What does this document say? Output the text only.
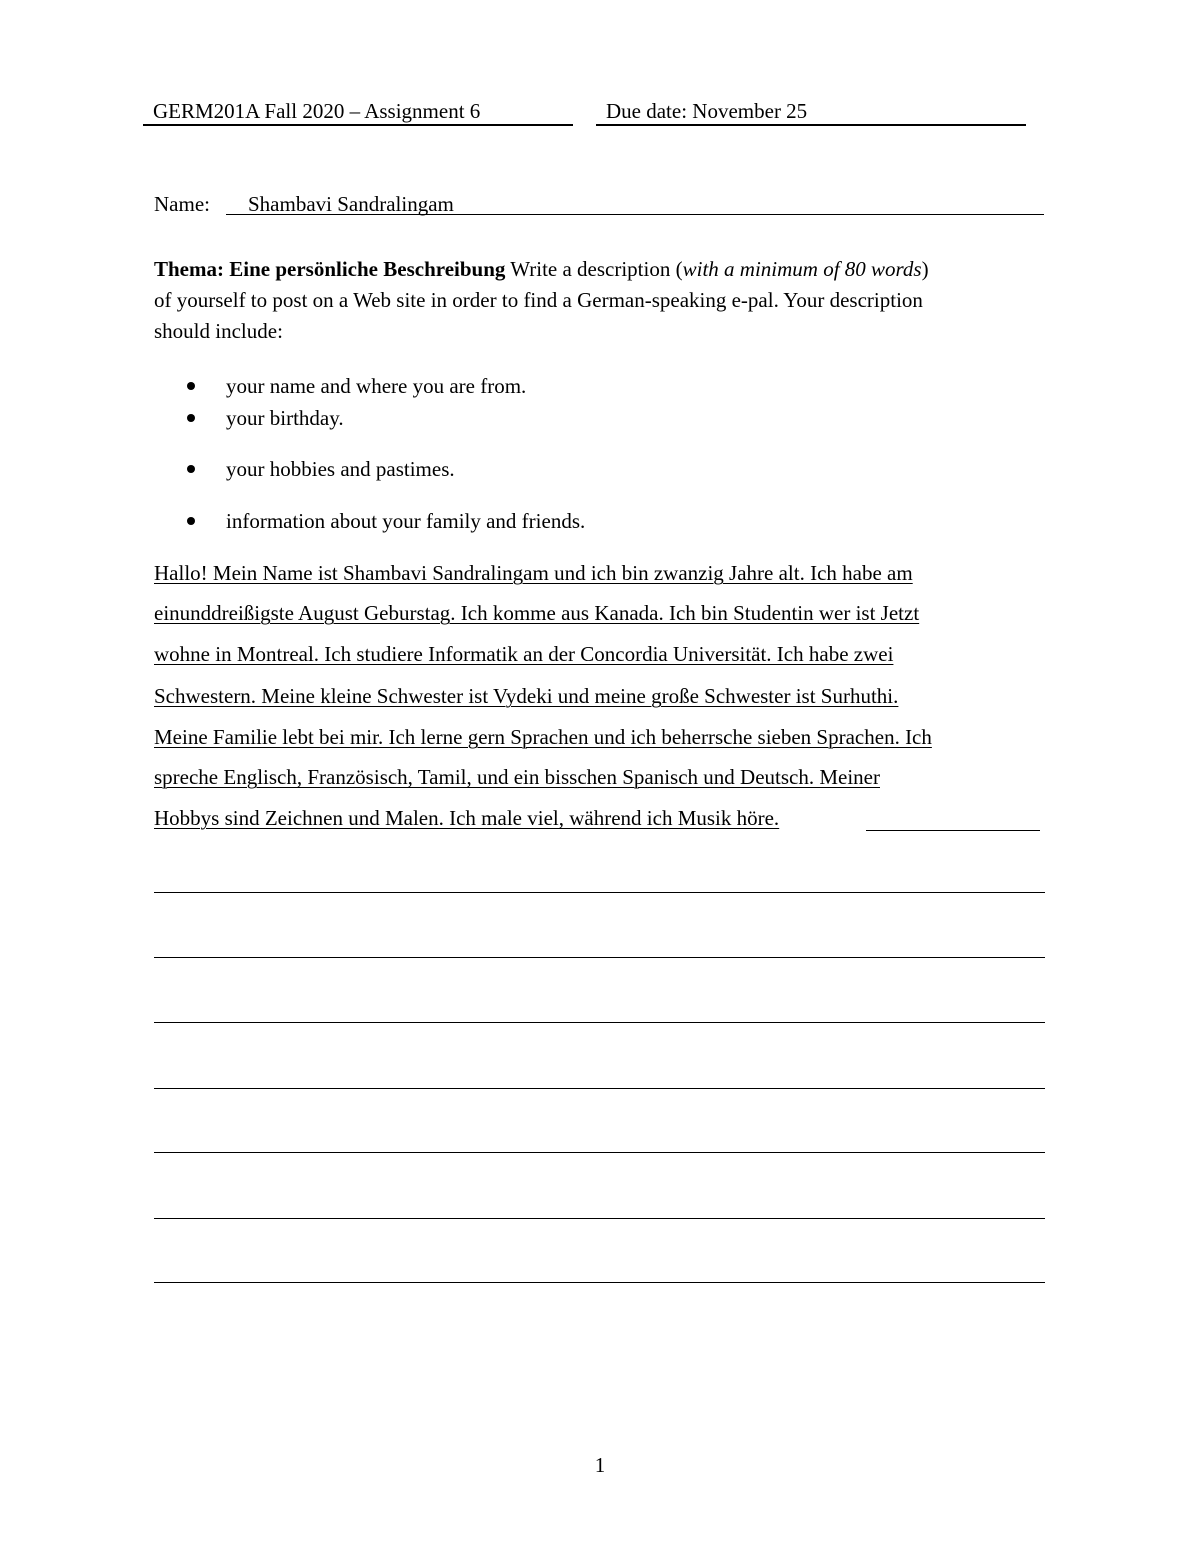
GERM201A Fall 2020 – Assignment 6	Due date: November 25
Name:	Shambavi Sandralingam
Thema: Eine persönliche Beschreibung Write a description (with a minimum of 80 words)
of yourself to post on a Web site in order to find a German-speaking e-pal. Your description
should include:
your name and where you are from.
your birthday.
your hobbies and pastimes.
information about your family and friends.
Hallo! Mein Name ist Shambavi Sandralingam und ich bin zwanzig Jahre alt. Ich habe am
einunddreißigste August Geburstag. Ich komme aus Kanada. Ich bin Studentin wer ist Jetzt
wohne in Montreal. Ich studiere Informatik an der Concordia Universität. Ich habe zwei
Schwestern. Meine kleine Schwester ist Vydeki und meine große Schwester ist Surhuthi.
Meine Familie lebt bei mir. Ich lerne gern Sprachen und ich beherrsche sieben Sprachen. Ich
spreche Englisch, Französisch, Tamil, und ein bisschen Spanisch und Deutsch. Meiner
Hobbys sind Zeichnen und Malen. Ich male viel, während ich Musik höre.
1
